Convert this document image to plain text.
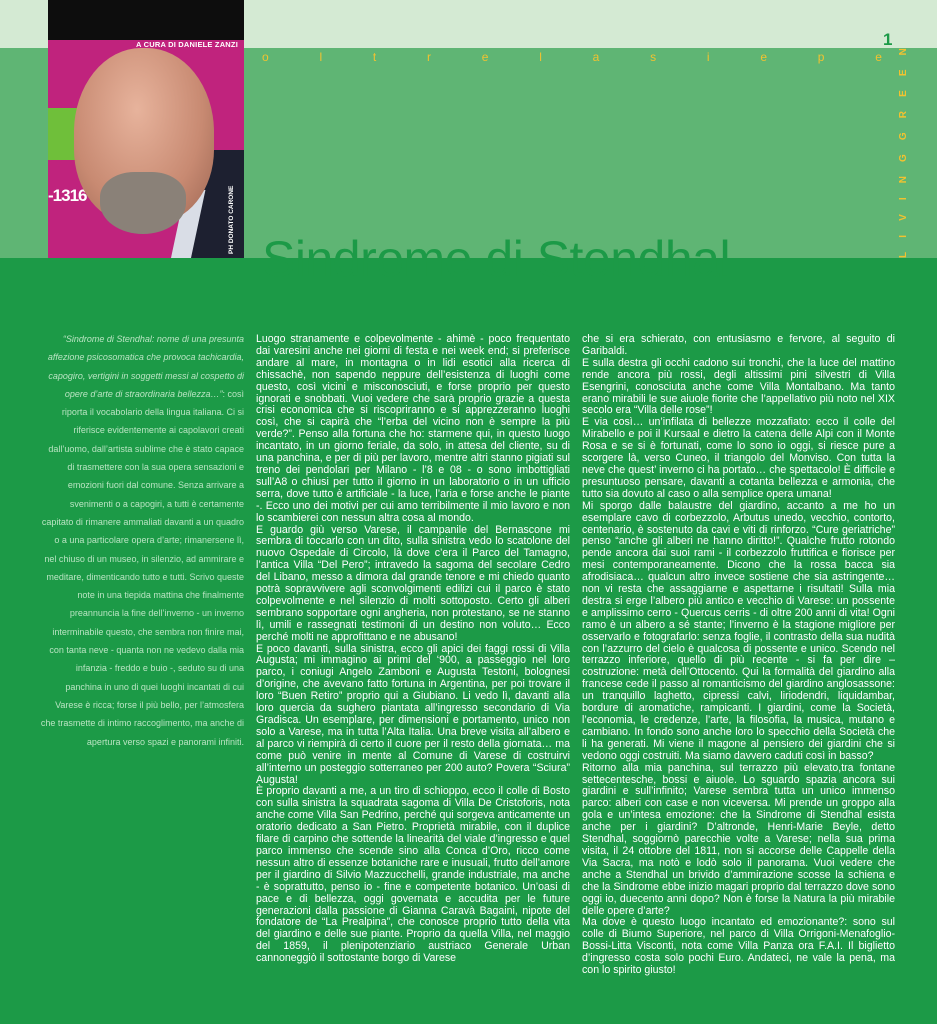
-1316
A CURA DI DANIELE ZANZI
PH DONATO CARONE
o	l	t	r	e	l	a	s	i	e	p	e
1
L
I
V
I
N
G
G
R
E
E
N
Sindrome di Stendhal
“Sindrome di Stendhal: nome di una presunta affezione psicosomatica che provoca tachicardia, capogiro, vertigini in soggetti messi al cospetto di opere d’arte di straordinaria bellezza…”: così riporta il vocabolario della lingua italiana. Ci si riferisce evidentemente ai capolavori creati dall’uomo, dall’artista sublime che è stato capace di trasmettere con la sua opera sensazioni e emozioni fuori dal comune. Senza arrivare a svenimenti o a capogiri, a tutti è certamente capitato di rimanere ammaliati davanti a un quadro o a una particolare opera d’arte; rimanersene lì, nel chiuso di un museo, in silenzio, ad ammirare e meditare, dimenticando tutto e tutti. Scrivo queste note in una tiepida mattina che finalmente preannuncia la fine dell’inverno - un inverno interminabile questo, che sembra non finire mai, con tanta neve - quanta non ne vedevo dalla mia infanzia - freddo e buio -, seduto su di una panchina in uno di quei luoghi incantati di cui Varese è ricca; forse il più bello, per l’atmosfera che trasmette di intimo raccoglimento, ma anche di apertura verso spazi e panorami infiniti.

Luogo stranamente e colpevolmente - ahimè - poco frequentato dai varesini anche nei giorni di festa e nei week end; si preferisce andare al mare, in montagna o in lidi esotici alla ricerca di chissachè, non sapendo neppure dell’esistenza di luoghi come questo, così vicini e misconosciuti, e forse proprio per questo ignorati e snobbati. Vuoi vedere che sarà proprio grazie a questa crisi economica che si riscopriranno e si apprezzeranno luoghi così, che si capirà che “l’erba del vicino non è sempre la più verde?”. Penso alla fortuna che ho: starmene qui, in questo luogo incantato, in un giorno feriale, da solo, in attesa del cliente, su di una panchina, e per di più per lavoro, mentre altri stanno pigiati sul treno dei pendolari per Milano - l’8 e 08 - o sono imbottigliati sull’A8 o chiusi per tutto il giorno in un laboratorio o in un ufficio serra, dove tutto è artificiale - la luce, l’aria e forse anche le piante -. Ecco uno dei motivi per cui amo terribilmente il mio lavoro e non lo scambierei con nessun altra cosa al mondo.

E guardo giù verso Varese, il campanile del Bernascone mi sembra di toccarlo con un dito, sulla sinistra vedo lo scatolone del nuovo Ospedale di Circolo, là dove c’era il Parco del Tamagno, l’antica Villa “Del Pero”; intravedo la sagoma del secolare Cedro del Libano, messo a dimora dal grande tenore e mi chiedo quanto potrà sopravvivere agli sconvolgimenti edilizi cui il parco è stato colpevolmente e nel silenzio di molti sottoposto. Certo gli alberi sembrano sopportare ogni angheria, non protestano, se ne stanno lì, umili e rassegnati testimoni di un destino non voluto… Ecco perché molti ne approfittano e ne abusano!

E poco davanti, sulla sinistra, ecco gli apici dei faggi rossi di Villa Augusta; mi immagino ai primi del ‘900, a passeggio nel loro parco, i coniugi Angelo Zamboni e Augusta Testoni, bolognesi d’origine, che avevano fatto fortuna in Argentina, per poi trovare il loro “Buen Retiro” proprio qui a Giubiano. Li vedo lì, davanti alla loro quercia da sughero piantata all’ingresso secondario di Via Gradisca. Un esemplare, per dimensioni e portamento, unico non solo a Varese, ma in tutta l’Alta Italia. Una breve visita all’albero e al parco vi riempirà di certo il cuore per il resto della giornata… ma come può venire in mente al Comune di Varese di costruirvi all’interno un posteggio sotterraneo per 200 auto? Povera “Sciura” Augusta!

È proprio davanti a me, a un tiro di schioppo, ecco il colle di Bosto con sulla sinistra la squadrata sagoma di Villa De Cristoforis, nota anche come Villa San Pedrino, perché qui sorgeva anticamente un oratorio dedicato a San Pietro. Proprietà mirabile, con il duplice filare di carpino che sottende la linearità del viale d’ingresso e quel parco immenso che scende sino alla Conca d’Oro, ricco come nessun altro di essenze botaniche rare e inusuali, frutto dell’amore per il giardino di Silvio Mazzucchelli, grande industriale, ma anche - è soprattutto, penso io - fine e competente botanico. Un’oasi di pace e di bellezza, oggi governata e accudita per le future generazioni dalla passione di Gianna Caravà Bagaini, nipote del fondatore de “La Prealpina”, che conosce proprio tutto della vita del giardino e delle sue piante. Proprio da quella Villa, nel maggio del 1859, il plenipotenziario austriaco Generale Urban cannoneggiò il sottostante borgo di Varese

che si era schierato, con entusiasmo e fervore, al seguito di Garibaldi.

E sulla destra gli occhi cadono sui tronchi, che la luce del mattino rende ancora più rossi, degli altissimi pini silvestri di Villa Esengrini, conosciuta anche come Villa Montalbano. Ma tanto erano mirabili le sue aiuole fiorite che l’appellativo più noto nel XIX secolo era “Villa delle rose”!

E via così… un’infilata di bellezze mozzafiato: ecco il colle del Mirabello e poi il Kursaal e dietro la catena delle Alpi con il Monte Rosa e se si è fortunati, come lo sono io oggi, si riesce pure a scorgere là, verso Cuneo, il triangolo del Monviso. Con tutta la neve che quest’ inverno ci ha portato… che spettacolo! È difficile e presuntuoso pensare, davanti a cotanta bellezza e armonia, che tutto sia dovuto al caso o alla semplice opera umana!

Mi sporgo dalle balaustre del giardino, accanto a me ho un esemplare cavo di corbezzolo, Arbutus unedo, vecchio, contorto, centenario, è sostenuto da cavi e viti di rinforzo. “Cure geriatriche” penso “anche gli alberi ne hanno diritto!”. Qualche frutto rotondo pende ancora dai suoi rami - il corbezzolo fruttifica e fiorisce per mesi contemporaneamente. Dicono che la rossa bacca sia afrodisiaca… qualcun altro invece sostiene che sia astringente… non vi resta che assaggiarne e aspettarne i risultati! Sulla mia destra si erge l’albero più antico e vecchio di Varese: un possente e amplissimo cerro - Quercus cerris - di oltre 200 anni di vita! Ogni ramo è un albero a sé stante; l’inverno è la stagione migliore per osservarlo e fotografarlo: senza foglie, il contrasto della sua nudità con l’azzurro del cielo è qualcosa di possente e unico. Scendo nel terrazzo inferiore, quello di più recente - si fa per dire – costruzione: metà dell’Ottocento. Qui la formalità del giardino alla francese cede il passo al romanticismo del giardino anglosassone: un tranquillo laghetto, cipressi calvi, liriodendri, liquidambar, bordure di aromatiche, rampicanti. I giardini, come la Società, l’economia, le credenze, l’arte, la filosofia, la musica, mutano e cambiano. In fondo sono anche loro lo specchio della Società che li ha generati. Mi viene il magone al pensiero dei giardini che si vedono oggi costruiti. Ma siamo davvero caduti così in basso?

Ritorno alla mia panchina, sul terrazzo più elevato,tra fontane settecentesche, bossi e aiuole. Lo sguardo spazia ancora sui giardini e sull’infinito; Varese sembra tutta un unico immenso parco: alberi con case e non viceversa. Mi prende un groppo alla gola e un’intesa emozione: che la Sindrome di Stendhal esista anche per i giardini? D’altronde, Henri-Marie Beyle, detto Stendhal, soggiornò parecchie volte a Varese; nella sua prima visita, il 24 ottobre del 1811, non si accorse delle Cappelle della Via Sacra, ma notò e lodò solo il panorama. Vuoi vedere che anche a Stendhal un brivido d’ammirazione scosse la schiena e che la Sindrome ebbe inizio magari proprio dal terrazzo dove sono oggi io, duecento anni dopo? Non è forse la Natura la più mirabile delle opere d’arte?

Ma dove è questo luogo incantato ed emozionante?: sono sul colle di Biumo Superiore, nel parco di Villa Orrigoni-Menafoglio-Bossi-Litta Visconti, nota come Villa Panza ora F.A.I. Il biglietto d’ingresso costa solo pochi Euro. Andateci, ne vale la pena, ma con lo spirito giusto!
